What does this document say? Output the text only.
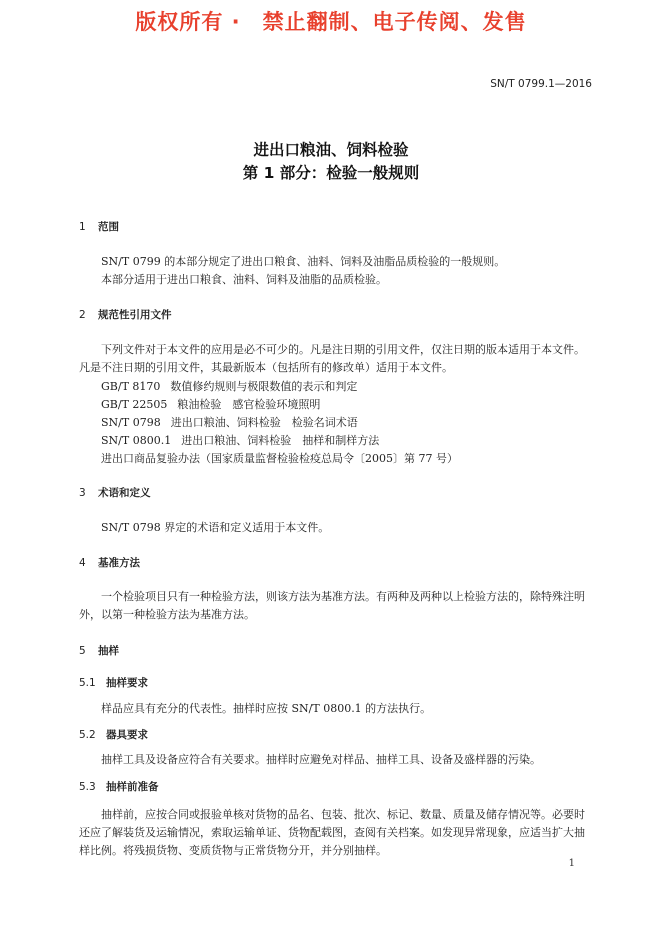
版权所有 ·　禁止翻制、电子传阅、发售
SN/T 0799.1—2016
进出口粮油、饲料检验
第 1 部分：检验一般规则
1 范围
SN/T 0799 的本部分规定了进出口粮食、油料、饲料及油脂品质检验的一般规则。
本部分适用于进出口粮食、油料、饲料及油脂的品质检验。
2 规范性引用文件
下列文件对于本文件的应用是必不可少的。凡是注日期的引用文件，仅注日期的版本适用于本文件。凡是不注日期的引用文件，其最新版本（包括所有的修改单）适用于本文件。
GB/T 8170 数值修约规则与极限数值的表示和判定
GB/T 22505 粮油检验　感官检验环境照明
SN/T 0798 进出口粮油、饲料检验　检验名词术语
SN/T 0800.1 进出口粮油、饲料检验　抽样和制样方法
进出口商品复验办法（国家质量监督检验检疫总局令〔2005〕第 77 号）
3 术语和定义
SN/T 0798 界定的术语和定义适用于本文件。
4 基准方法
一个检验项目只有一种检验方法，则该方法为基准方法。有两种及两种以上检验方法的，除特殊注明外，以第一种检验方法为基准方法。
5 抽样
5.1 抽样要求
样品应具有充分的代表性。抽样时应按 SN/T 0800.1 的方法执行。
5.2 器具要求
抽样工具及设备应符合有关要求。抽样时应避免对样品、抽样工具、设备及盛样器的污染。
5.3 抽样前准备
抽样前，应按合同或报验单核对货物的品名、包装、批次、标记、数量、质量及储存情况等。必要时还应了解装货及运输情况，索取运输单证、货物配载图，查阅有关档案。如发现异常现象，应适当扩大抽样比例。将残损货物、变质货物与正常货物分开，并分别抽样。
1
